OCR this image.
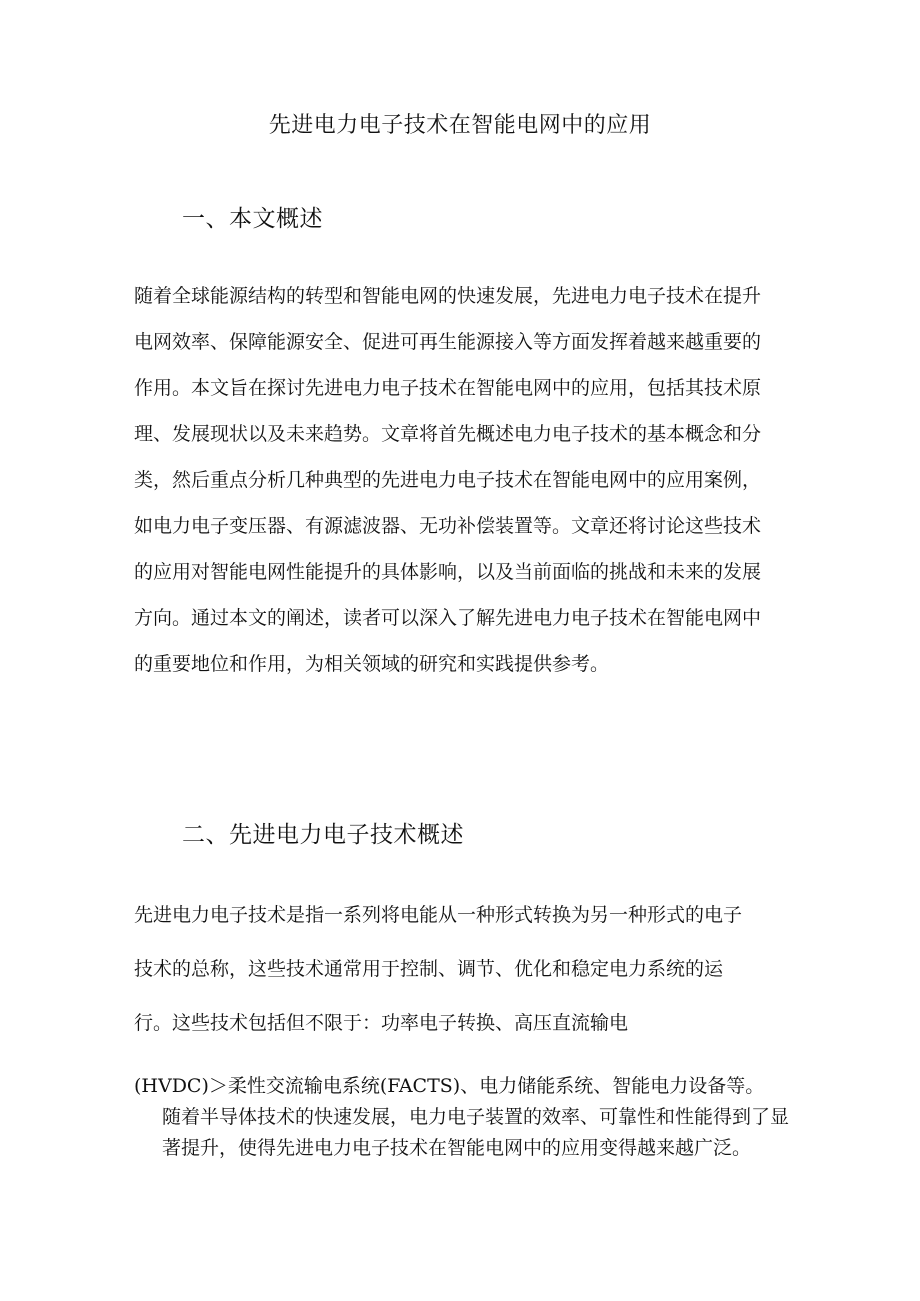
先进电力电子技术在智能电网中的应用
一、本文概述
随着全球能源结构的转型和智能电网的快速发展，先进电力电子技术在提升
电网效率、保障能源安全、促进可再生能源接入等方面发挥着越来越重要的
作用。本文旨在探讨先进电力电子技术在智能电网中的应用，包括其技术原
理、发展现状以及未来趋势。文章将首先概述电力电子技术的基本概念和分
类，然后重点分析几种典型的先进电力电子技术在智能电网中的应用案例，
如电力电子变压器、有源滤波器、无功补偿装置等。文章还将讨论这些技术
的应用对智能电网性能提升的具体影响，以及当前面临的挑战和未来的发展
方向。通过本文的阐述，读者可以深入了解先进电力电子技术在智能电网中
的重要地位和作用，为相关领域的研究和实践提供参考。
二、先进电力电子技术概述
先进电力电子技术是指一系列将电能从一种形式转换为另一种形式的电子
技术的总称，这些技术通常用于控制、调节、优化和稳定电力系统的运
行。这些技术包括但不限于：功率电子转换、高压直流输电
(HVDC)＞柔性交流输电系统(FACTS)、电力储能系统、智能电力设备等。
随着半导体技术的快速发展，电力电子装置的效率、可靠性和性能得到了显
著提升，使得先进电力电子技术在智能电网中的应用变得越来越广泛。
